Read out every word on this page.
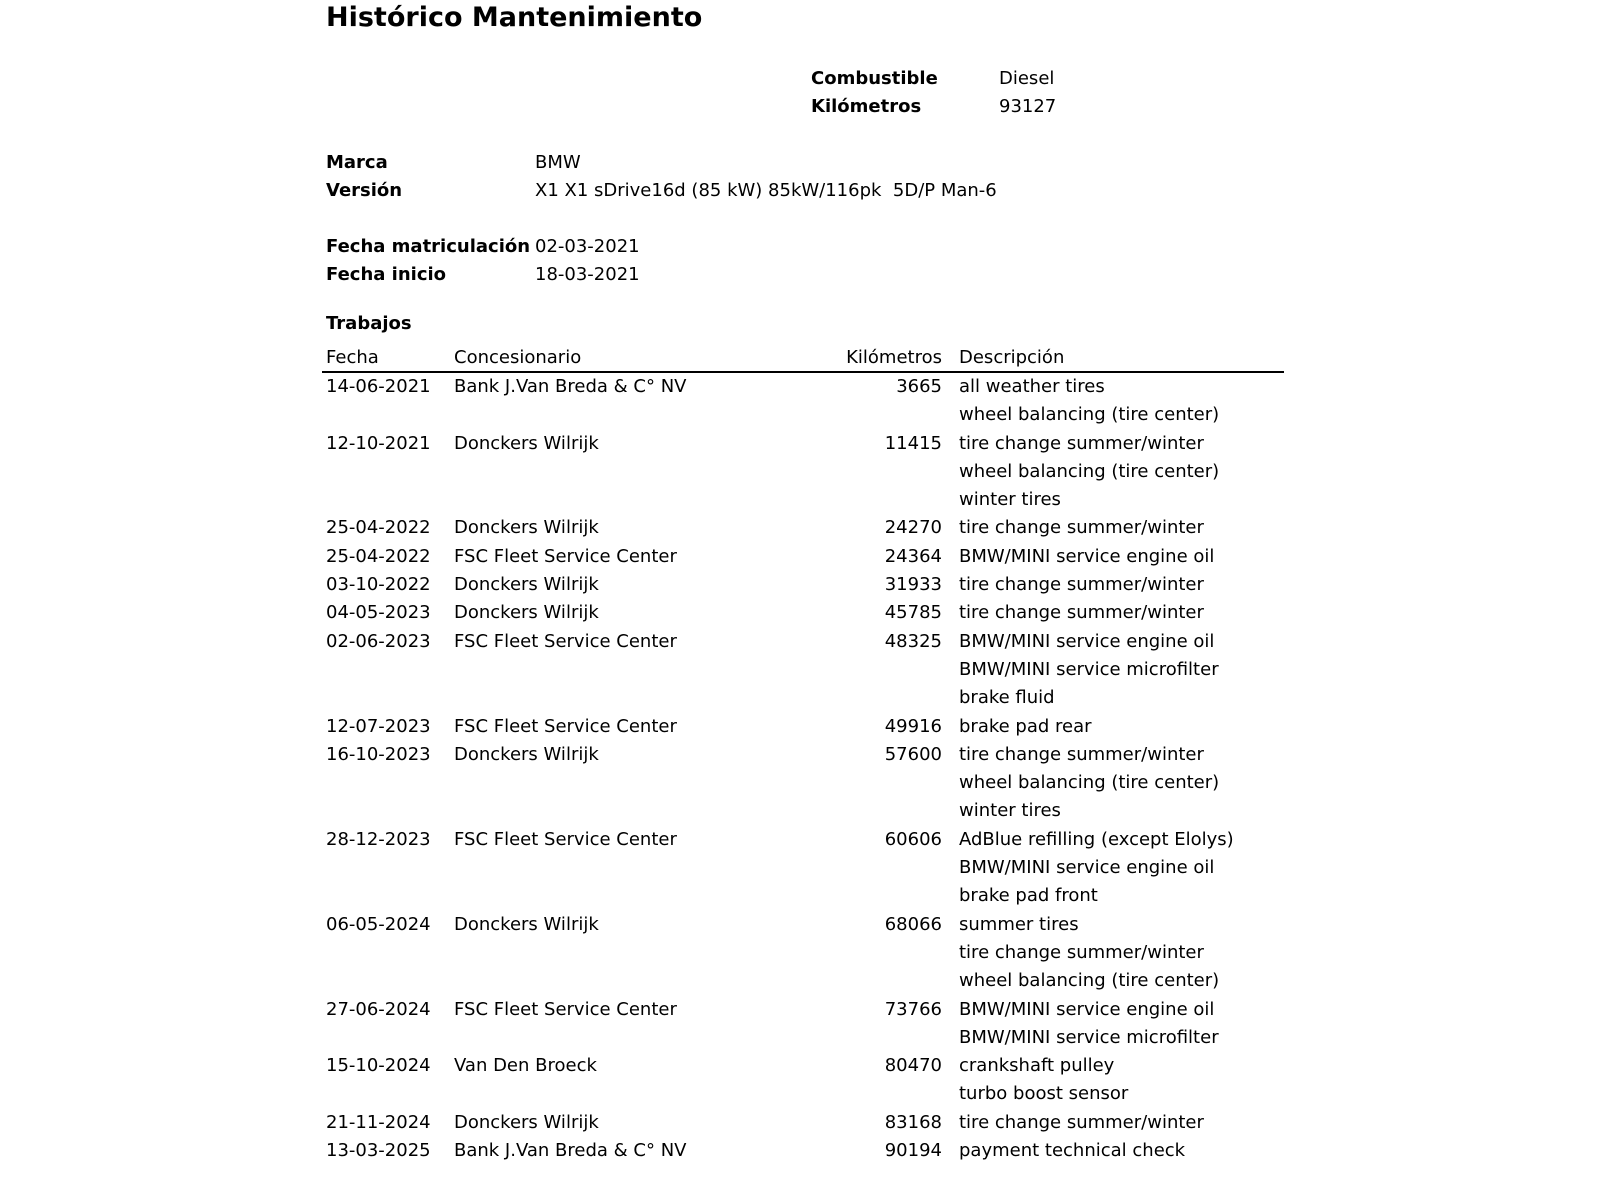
Histórico Mantenimiento
Combustible	Diesel
Kilómetros	93127
Marca	BMW
Versión	X1 X1 sDrive16d (85 kW) 85kW/116pk  5D/P Man-6
Fecha matriculación 02-03-2021
Fecha inicio	18-03-2021
Trabajos
Fecha	Concesionario	Kilómetros Descripción
14-06-2021	Bank J.Van Breda & C° NV	3665 all weather tires
wheel balancing (tire center)
12-10-2021	Donckers Wilrijk	11415 tire change summer/winter
wheel balancing (tire center)
winter tires
25-04-2022	Donckers Wilrijk	24270 tire change summer/winter
25-04-2022	FSC Fleet Service Center	24364 BMW/MINI service engine oil
03-10-2022	Donckers Wilrijk	31933 tire change summer/winter
04-05-2023	Donckers Wilrijk	45785 tire change summer/winter
02-06-2023	FSC Fleet Service Center	48325 BMW/MINI service engine oil
BMW/MINI service microfilter
brake fluid
12-07-2023	FSC Fleet Service Center	49916 brake pad rear
16-10-2023	Donckers Wilrijk	57600 tire change summer/winter
wheel balancing (tire center)
winter tires
28-12-2023	FSC Fleet Service Center	60606 AdBlue refilling (except Elolys)
BMW/MINI service engine oil
brake pad front
06-05-2024	Donckers Wilrijk	68066 summer tires
tire change summer/winter
wheel balancing (tire center)
27-06-2024	FSC Fleet Service Center	73766 BMW/MINI service engine oil
BMW/MINI service microfilter
15-10-2024	Van Den Broeck	80470 crankshaft pulley
turbo boost sensor
21-11-2024	Donckers Wilrijk	83168 tire change summer/winter
13-03-2025	Bank J.Van Breda & C° NV	90194 payment technical check
